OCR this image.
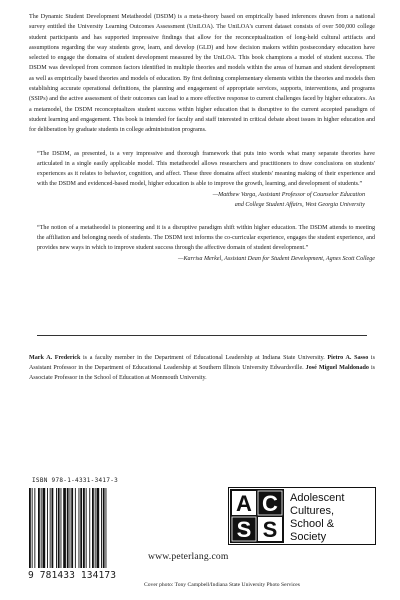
The Dynamic Student Development Metatheodel (DSDM) is a meta-theory based on empirically based inferences drawn from a national survey entitled the University Learning Outcomes Assessment (UniLOA). The UniLOA's current dataset consists of over 500,000 college student participants and has supported impressive findings that allow for the reconceptualization of long-held cultural artifacts and assumptions regarding the way students grow, learn, and develop (GLD) and how decision makers within postsecondary education have selected to engage the domains of student development measured by the UniLOA. This book champions a model of student success. The DSDM was developed from common factors identified in multiple theories and models within the areas of human and student development as well as empirically based theories and models of education. By first defining complementary elements within the theories and models then establishing accurate operational definitions, the planning and engagement of appropriate services, supports, interventions, and programs (SSIPs) and the active assessment of their outcomes can lead to a more effective response to current challenges faced by higher educators. As a metamodel, the DSDM reconceptualizes student success within higher education that is disruptive to the current accepted paradigm of student learning and engagement. This book is intended for faculty and staff interested in critical debate about issues in higher education and for deliberation by graduate students in college administration programs.

“The DSDM, as presented, is a very impressive and thorough framework that puts into words what many separate theories have articulated in a single easily applicable model. This metatheodel allows researchers and practitioners to draw conclusions on students' experiences as it relates to behavior, cognition, and affect. These three domains affect students' meaning making of their experience and with the DSDM and evidenced-based model, higher education is able to improve the growth, learning, and development of students.”

—Matthew Varga, Assistant Professor of Counselor Education

and College Student Affairs, West Georgia University

“The notion of a metatheodel is pioneering and it is a disruptive paradigm shift within higher education. The DSDM attends to meeting the affiliation and belonging needs of students. The DSDM text informs the co-curricular experience, engages the student experience, and provides new ways in which to improve student success through the affective domain of student development.”

—Karrisa Merkel, Assistant Dean for Student Development, Agnes Scott College

Mark A. Frederick is a faculty member in the Department of Educational Leadership at Indiana State University. Pietro A. Sasso is Assistant Professor in the Department of Educational Leadership at Southern Illinois University Edwardsville. José Miguel Maldonado is Associate Professor in the School of Education at Monmouth University.

ISBN 978-1-4331-3417-3
9 781433 134173
www.peterlang.com
A C
S S
Adolescent
Cultures,
School &
Society
Cover photo: Tony Campbell/Indiana State University Photo Services
